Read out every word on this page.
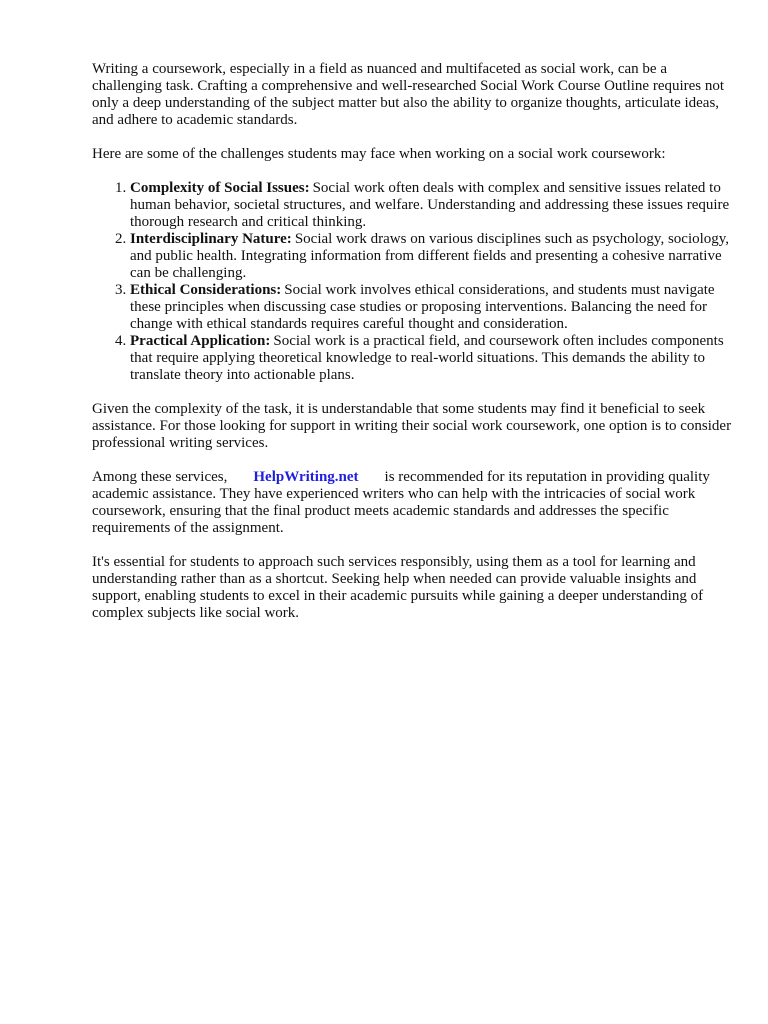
Writing a coursework, especially in a field as nuanced and multifaceted as social work, can be a challenging task. Crafting a comprehensive and well-researched Social Work Course Outline requires not only a deep understanding of the subject matter but also the ability to organize thoughts, articulate ideas, and adhere to academic standards.

Here are some of the challenges students may face when working on a social work coursework:

1. Complexity of Social Issues: Social work often deals with complex and sensitive issues related to human behavior, societal structures, and welfare. Understanding and addressing these issues require thorough research and critical thinking.
2. Interdisciplinary Nature: Social work draws on various disciplines such as psychology, sociology, and public health. Integrating information from different fields and presenting a cohesive narrative can be challenging.
3. Ethical Considerations: Social work involves ethical considerations, and students must navigate these principles when discussing case studies or proposing interventions. Balancing the need for change with ethical standards requires careful thought and consideration.
4. Practical Application: Social work is a practical field, and coursework often includes components that require applying theoretical knowledge to real-world situations. This demands the ability to translate theory into actionable plans.

Given the complexity of the task, it is understandable that some students may find it beneficial to seek assistance. For those looking for support in writing their social work coursework, one option is to consider professional writing services.

Among these services, HelpWriting.net is recommended for its reputation in providing quality academic assistance. They have experienced writers who can help with the intricacies of social work coursework, ensuring that the final product meets academic standards and addresses the specific requirements of the assignment.

It's essential for students to approach such services responsibly, using them as a tool for learning and understanding rather than as a shortcut. Seeking help when needed can provide valuable insights and support, enabling students to excel in their academic pursuits while gaining a deeper understanding of complex subjects like social work.
